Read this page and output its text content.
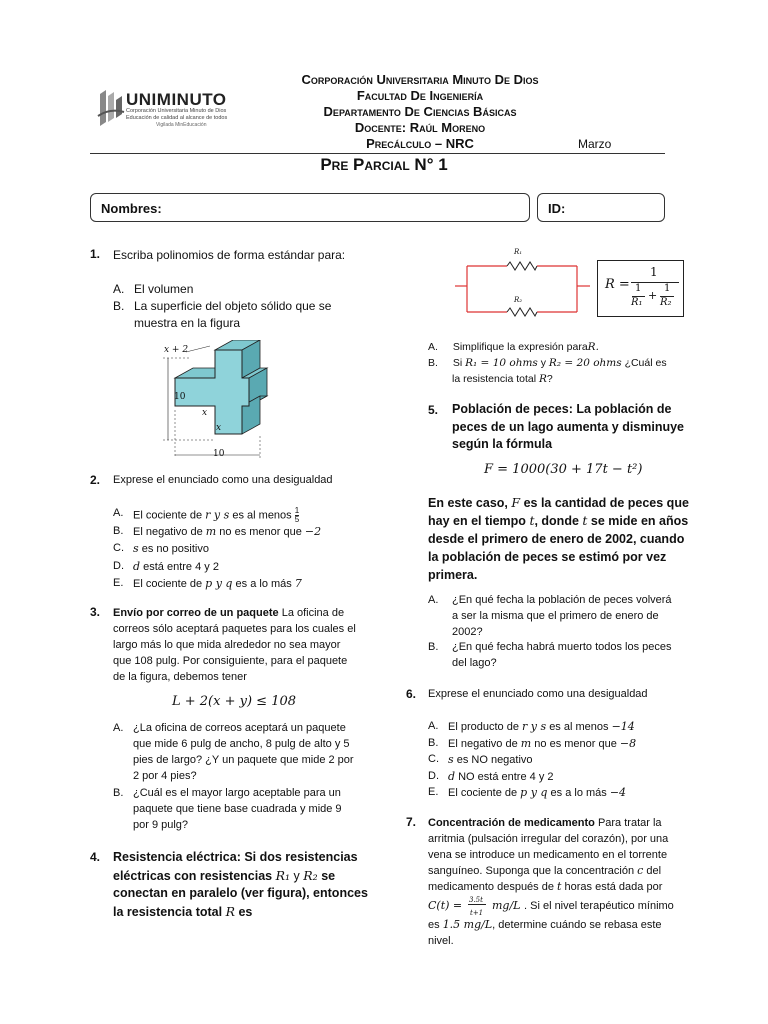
UNIMINUTO
Corporación Universitaria Minuto de Dios
Educación de calidad al alcance de todos
Vigilada MinEducación
Corporación Universitaria Minuto De Dios
Facultad De Ingeniería
Departamento De Ciencias Básicas
Docente: Raúl Moreno
Precálculo – NRC	Marzo
Pre Parcial N° 1
Nombres:	ID:
1. Escriba polinomios de forma estándar para:
A. El volumen
B. La superficie del objeto sólido que se
muestra en la figura
x + 2
10
x
x
10
2. Exprese el enunciado como una desigualdad
A. El cociente de r y s es al menos $\frac{1}{5}$
B. El negativo de m no es menor que −2
C. s es no positivo
D. d está entre 4 y 2
E. El cociente de p y q es a lo más 7
3. Envío por correo de un paquete La oficina de
correos sólo aceptará paquetes para los cuales el
largo más lo que mida alrededor no sea mayor
que 108 pulg. Por consiguiente, para el paquete
de la figura, debemos tener
L + 2(x + y) ≤ 108
A. ¿La oficina de correos aceptará un paquete
que mide 6 pulg de ancho, 8 pulg de alto y 5
pies de largo? ¿Y un paquete que mide 2 por
2 por 4 pies?
B. ¿Cuál es el mayor largo aceptable para un
paquete que tiene base cuadrada y mide 9
por 9 pulg?
4. Resistencia eléctrica: Si dos resistencias
eléctricas con resistencias R₁ y R₂ se
conectan en paralelo (ver figura), entonces
la resistencia total R es
R₁
R₂
R =
1
1
R₁
+
1
R₂
A. Simplifique la expresión paraR.
B. Si R₁ = 10 ohms y R₂ = 20 ohms ¿Cuál es
la resistencia total R?
5. Población de peces: La población de
peces de un lago aumenta y disminuye
según la fórmula
F = 1000(30 + 17t − t²)
En este caso, F es la cantidad de peces que
hay en el tiempo t, donde t se mide en años
desde el primero de enero de 2002, cuando
la población de peces se estimó por vez
primera.
A. ¿En qué fecha la población de peces volverá
a ser la misma que el primero de enero de
2002?
B. ¿En qué fecha habrá muerto todos los peces
del lago?
6. Exprese el enunciado como una desigualdad
A. El producto de r y s es al menos −14
B. El negativo de m no es menor que −8
C. s es NO negativo
D. d NO está entre 4 y 2
E. El cociente de p y q es a lo más −4
7. Concentración de medicamento Para tratar la
arritmia (pulsación irregular del corazón), por una
vena se introduce un medicamento en el torrente
sanguíneo. Suponga que la concentración c del
medicamento después de t horas está dada por
C(t) = 3.5t
t+1
mg/L . Si el nivel terapéutico mínimo
es 1.5 mg/L, determine cuándo se rebasa este
nivel.
